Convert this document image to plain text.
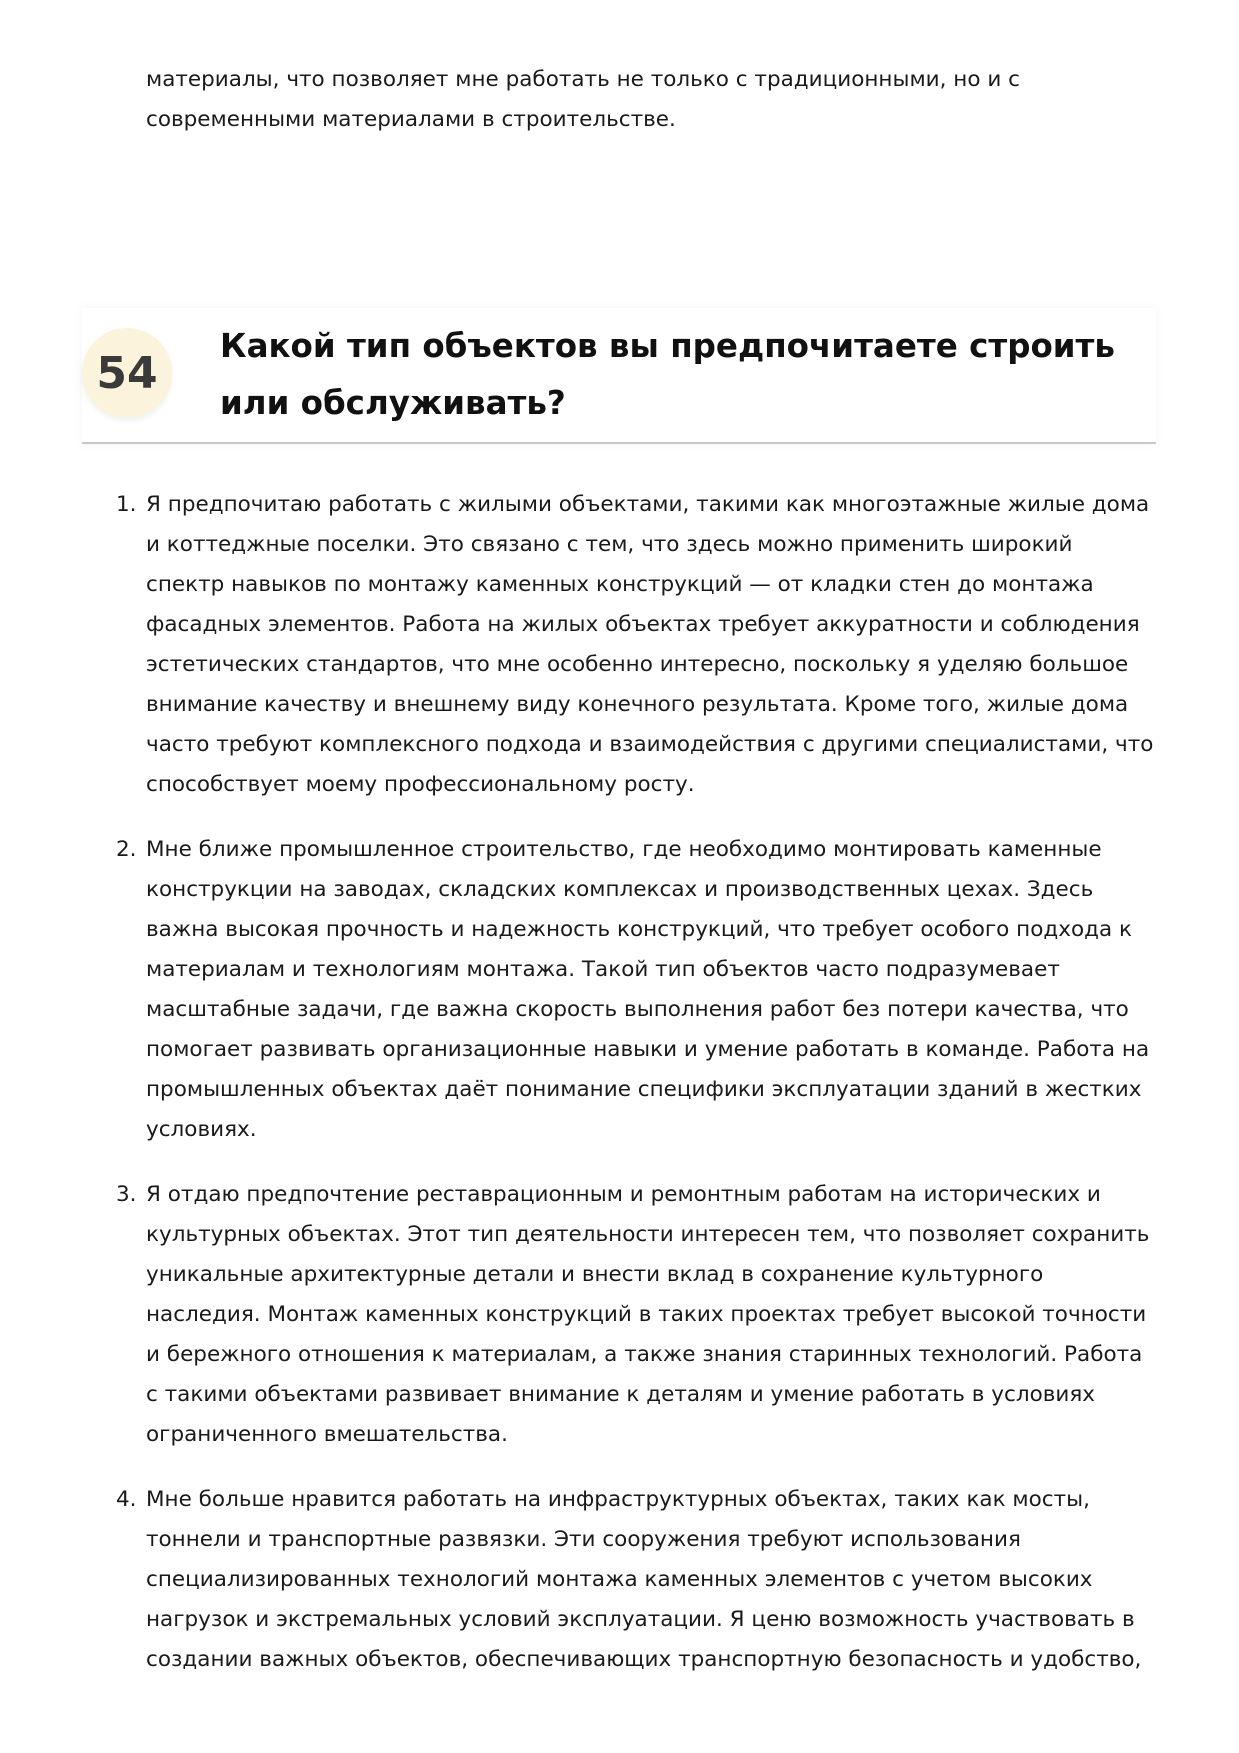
материалы, что позволяет мне работать не только с традиционными, но и с современными материалами в строительстве.

54
Какой тип объектов вы предпочитаете строить или обслуживать?
1. Я предпочитаю работать с жилыми объектами, такими как многоэтажные жилые дома и коттеджные поселки. Это связано с тем, что здесь можно применить широкий спектр навыков по монтажу каменных конструкций — от кладки стен до монтажа фасадных элементов. Работа на жилых объектах требует аккуратности и соблюдения эстетических стандартов, что мне особенно интересно, поскольку я уделяю большое внимание качеству и внешнему виду конечного результата. Кроме того, жилые дома часто требуют комплексного подхода и взаимодействия с другими специалистами, что способствует моему профессиональному росту.
2. Мне ближе промышленное строительство, где необходимо монтировать каменные конструкции на заводах, складских комплексах и производственных цехах. Здесь важна высокая прочность и надежность конструкций, что требует особого подхода к материалам и технологиям монтажа. Такой тип объектов часто подразумевает масштабные задачи, где важна скорость выполнения работ без потери качества, что помогает развивать организационные навыки и умение работать в команде. Работа на промышленных объектах даёт понимание специфики эксплуатации зданий в жестких условиях.
3. Я отдаю предпочтение реставрационным и ремонтным работам на исторических и культурных объектах. Этот тип деятельности интересен тем, что позволяет сохранить уникальные архитектурные детали и внести вклад в сохранение культурного наследия. Монтаж каменных конструкций в таких проектах требует высокой точности и бережного отношения к материалам, а также знания старинных технологий. Работа с такими объектами развивает внимание к деталям и умение работать в условиях ограниченного вмешательства.
4. Мне больше нравится работать на инфраструктурных объектах, таких как мосты, тоннели и транспортные развязки. Эти сооружения требуют использования специализированных технологий монтажа каменных элементов с учетом высоких нагрузок и экстремальных условий эксплуатации. Я ценю возможность участвовать в создании важных объектов, обеспечивающих транспортную безопасность и удобство,
